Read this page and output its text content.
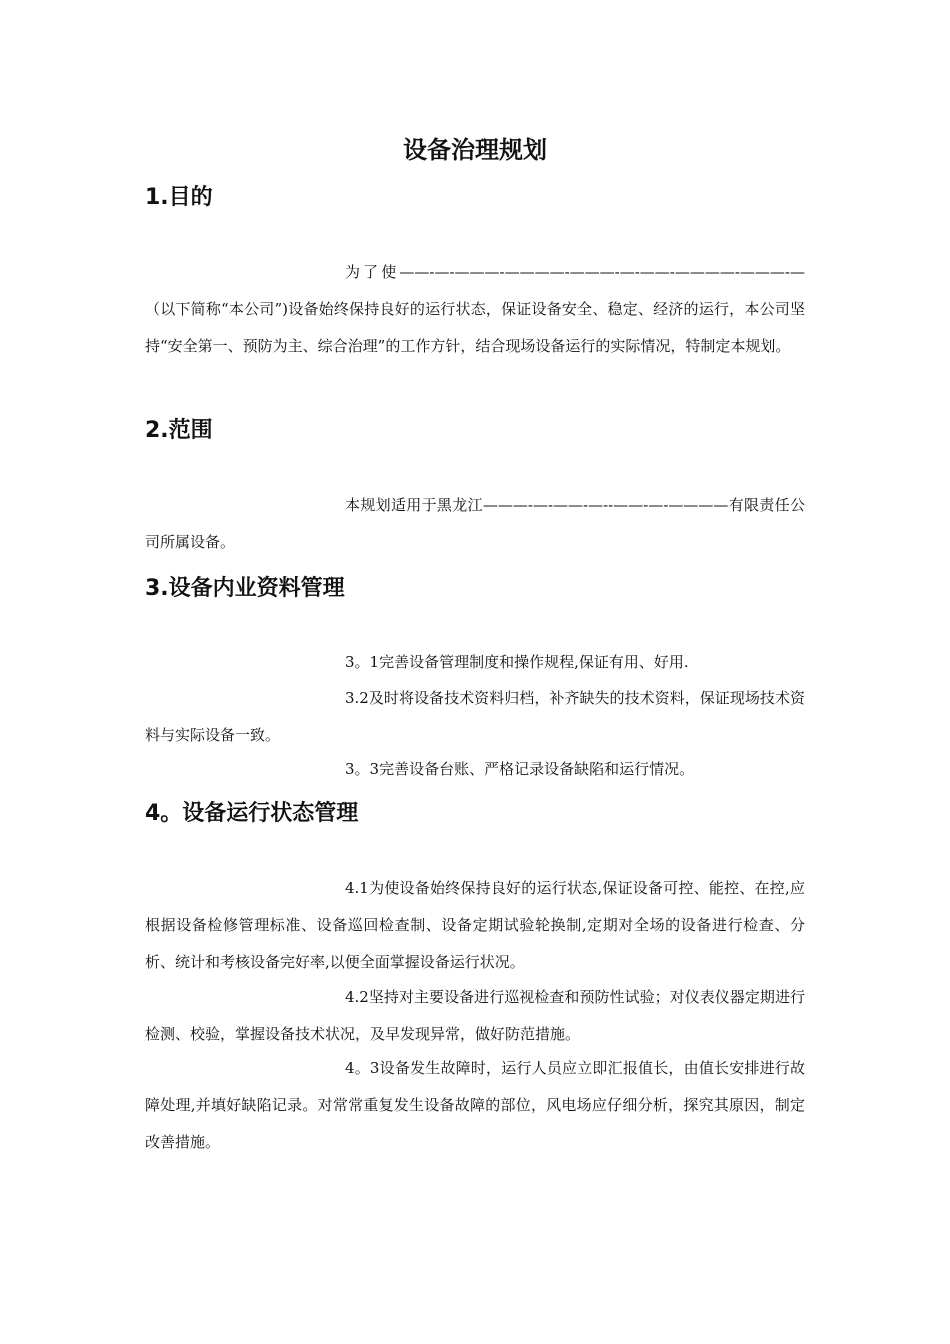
设备治理规划
1.目的

为了使——-—-———-————-———-—-——-————-———-—（以下简称“本公司”)设备始终保持良好的运行状态，保证设备安全、稳定、经济的运行，本公司坚持“安全第一、预防为主、综合治理”的工作方针，结合现场设备运行的实际情况，特制定本规划。

2.范围

本规划适用于黑龙江———-—-——-—--——-—-————有限责任公司所属设备。

3.设备内业资料管理

3。1完善设备管理制度和操作规程,保证有用、好用.

3.2及时将设备技术资料归档，补齐缺失的技术资料，保证现场技术资料与实际设备一致。

3。3完善设备台账、严格记录设备缺陷和运行情况。

4。设备运行状态管理

4.1为使设备始终保持良好的运行状态,保证设备可控、能控、在控,应根据设备检修管理标准、设备巡回检查制、设备定期试验轮换制,定期对全场的设备进行检查、分析、统计和考核设备完好率,以便全面掌握设备运行状况。

4.2坚持对主要设备进行巡视检查和预防性试验；对仪表仪器定期进行检测、校验，掌握设备技术状况，及早发现异常，做好防范措施。

4。3设备发生故障时，运行人员应立即汇报值长，由值长安排进行故障处理,并填好缺陷记录。对常常重复发生设备故障的部位，风电场应仔细分析，探究其原因，制定改善措施。
